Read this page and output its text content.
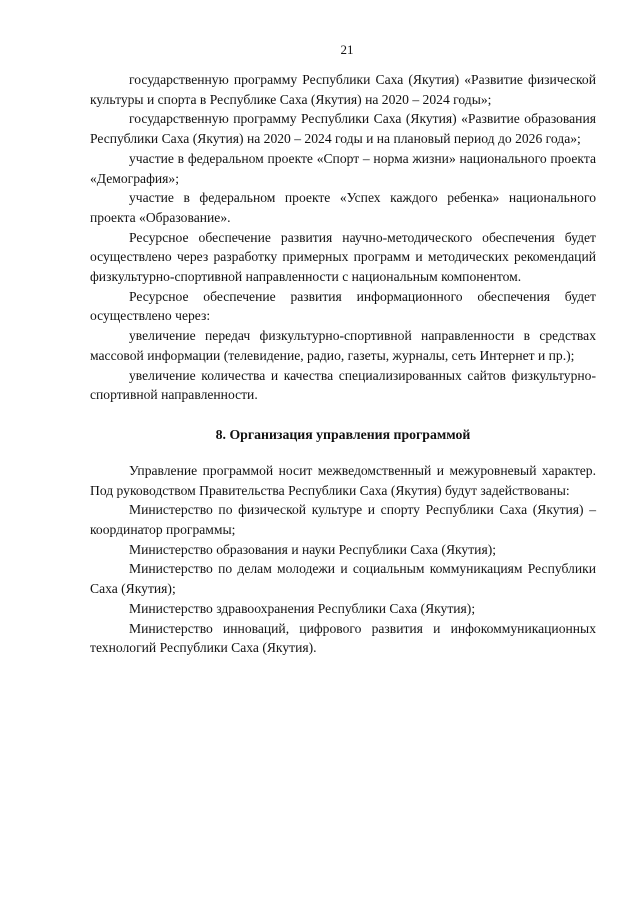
21

государственную программу Республики Саха (Якутия) «Развитие физической культуры и спорта в Республике Саха (Якутия) на 2020 – 2024 годы»;

государственную программу Республики Саха (Якутия) «Развитие образования Республики Саха (Якутия) на 2020 – 2024 годы и на плановый период до 2026 года»;

участие в федеральном проекте «Спорт – норма жизни» национального проекта «Демография»;

участие в федеральном проекте «Успех каждого ребенка» национального проекта «Образование».

Ресурсное обеспечение развития научно-методического обеспечения будет осуществлено через разработку примерных программ и методических рекомендаций физкультурно-спортивной направленности с национальным компонентом.

Ресурсное обеспечение развития информационного обеспечения будет осуществлено через:

увеличение передач физкультурно-спортивной направленности в средствах массовой информации (телевидение, радио, газеты, журналы, сеть Интернет и пр.);

увеличение количества и качества специализированных сайтов физкультурно-спортивной направленности.

8. Организация управления программой

Управление программой носит межведомственный и межуровневый характер. Под руководством Правительства Республики Саха (Якутия) будут задействованы:

Министерство по физической культуре и спорту Республики Саха (Якутия) – координатор программы;

Министерство образования и науки Республики Саха (Якутия);

Министерство по делам молодежи и социальным коммуникациям Республики Саха (Якутия);

Министерство здравоохранения Республики Саха (Якутия);

Министерство инноваций, цифрового развития и инфокоммуникационных технологий Республики Саха (Якутия).
